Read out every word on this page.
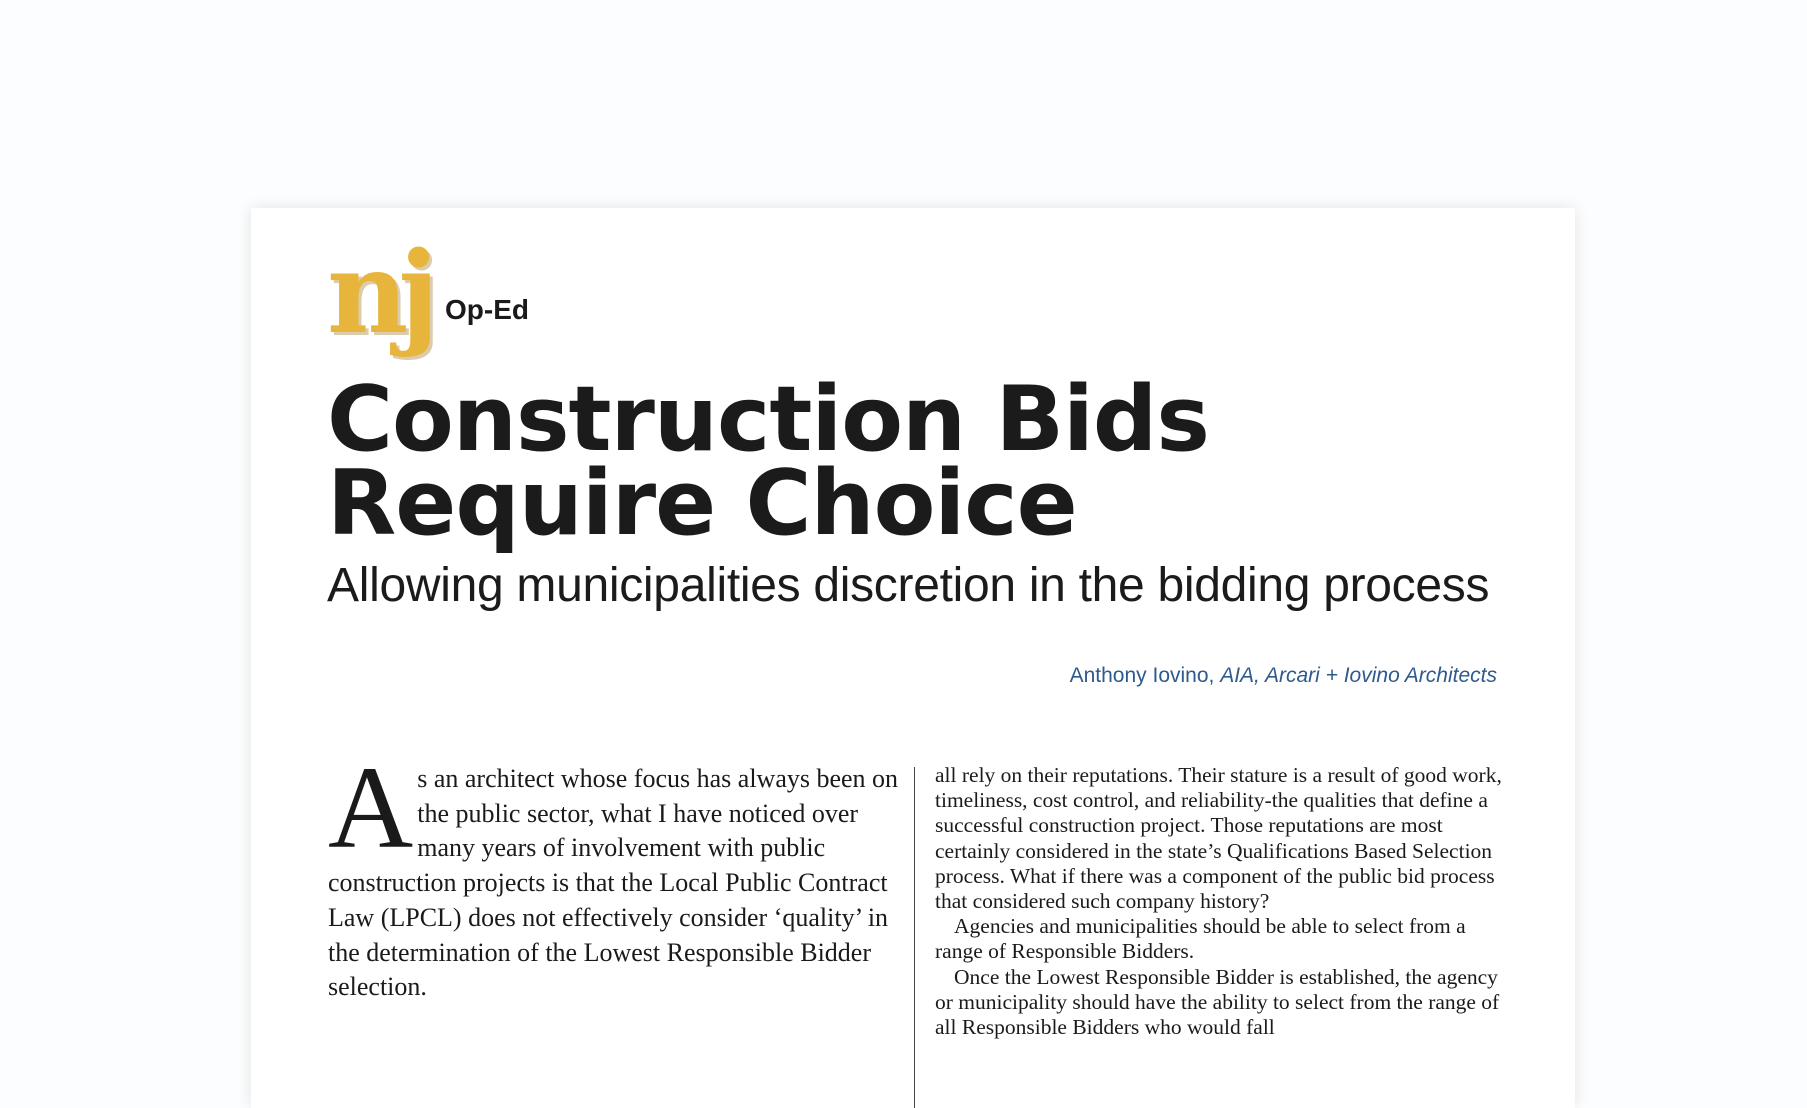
nj Op-Ed
Construction Bids
Require Choice
Allowing municipalities discretion in the bidding process
Anthony Iovino, AIA, Arcari + Iovino Architects

As an architect whose focus has always been on the public sector, what I have noticed over many years of involvement with public construction projects is that the Local Public Contract Law (LPCL) does not effectively consider ‘quality’ in the determination of the Lowest Responsible Bidder selection.

all rely on their reputations. Their stature is a result of good work, timeliness, cost control, and reliability-the qualities that define a successful construction project. Those reputations are most certainly considered in the state’s Qualifications Based Selection process. What if there was a component of the public bid process that considered such company history?

Agencies and municipalities should be able to select from a range of Responsible Bidders.

Once the Lowest Responsible Bidder is established, the agency or municipality should have the ability to select from the range of all Responsible Bidders who would fall
